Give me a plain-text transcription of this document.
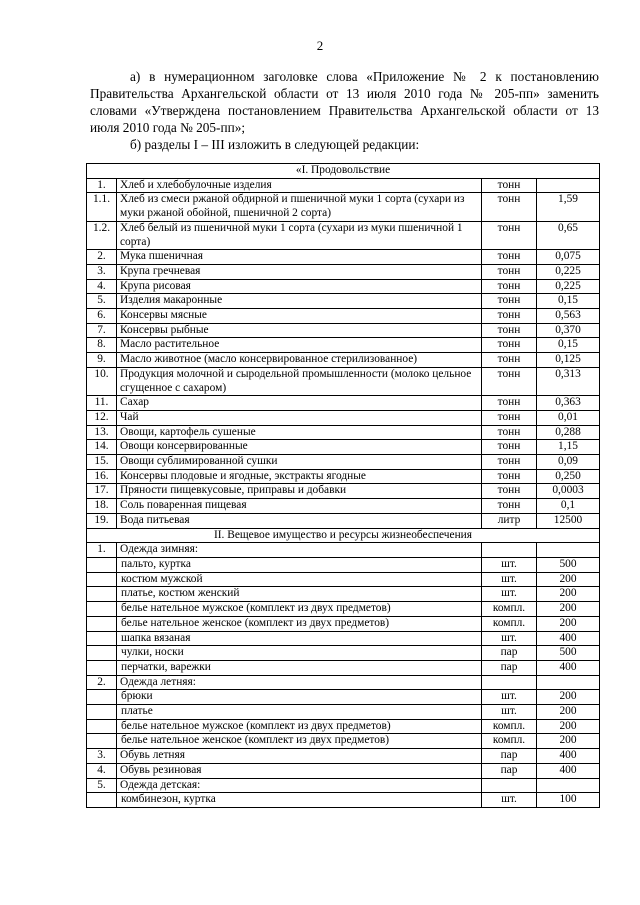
2

а) в нумерационном заголовке слова «Приложение № 2 к постановлению Правительства Архангельской области от 13 июля 2010 года № 205-пп» заменить словами «Утверждена постановлением Правительства Архангельской области от 13 июля 2010 года № 205-пп»;

б) разделы I – III изложить в следующей редакции:

«I. Продовольствие			
1.	Хлеб и хлебобулочные изделия	тонн	
1.1.	Хлеб из смеси ржаной обдирной и пшеничной муки 1 сорта (сухари из муки ржаной обойной, пшеничной 2 сорта)	тонн	1,59
1.2.	Хлеб белый из пшеничной муки 1 сорта (сухари из муки пшеничной 1 сорта)	тонн	0,65
2.	Мука пшеничная	тонн	0,075
3.	Крупа гречневая	тонн	0,225
4.	Крупа рисовая	тонн	0,225
5.	Изделия макаронные	тонн	0,15
6.	Консервы мясные	тонн	0,563
7.	Консервы рыбные	тонн	0,370
8.	Масло растительное	тонн	0,15
9.	Масло животное (масло консервированное стерилизованное)	тонн	0,125
10.	Продукция молочной и сыродельной промышленности (молоко цельное сгущенное с сахаром)	тонн	0,313
11.	Сахар	тонн	0,363
12.	Чай	тонн	0,01
13.	Овощи, картофель сушеные	тонн	0,288
14.	Овощи консервированные	тонн	1,15
15.	Овощи сублимированной сушки	тонн	0,09
16.	Консервы плодовые и ягодные, экстракты ягодные	тонн	0,250
17.	Пряности пищевкусовые, приправы и добавки	тонн	0,0003
18.	Соль поваренная пищевая	тонн	0,1
19.	Вода питьевая	литр	12500
II. Вещевое имущество и ресурсы жизнеобеспечения			
1.	Одежда зимняя:		
	пальто, куртка	шт.	500
	костюм мужской	шт.	200
	платье, костюм женский	шт.	200
	белье нательное мужское (комплект из двух предметов)	компл.	200
	белье нательное женское (комплект из двух предметов)	компл.	200
	шапка вязаная	шт.	400
	чулки, носки	пар	500
	перчатки, варежки	пар	400
2.	Одежда летняя:		
	брюки	шт.	200
	платье	шт.	200
	белье нательное мужское (комплект из двух предметов)	компл.	200
	белье нательное женское (комплект из двух предметов)	компл.	200
3.	Обувь летняя	пар	400
4.	Обувь резиновая	пар	400
5.	Одежда детская:		
	комбинезон, куртка	шт.	100
